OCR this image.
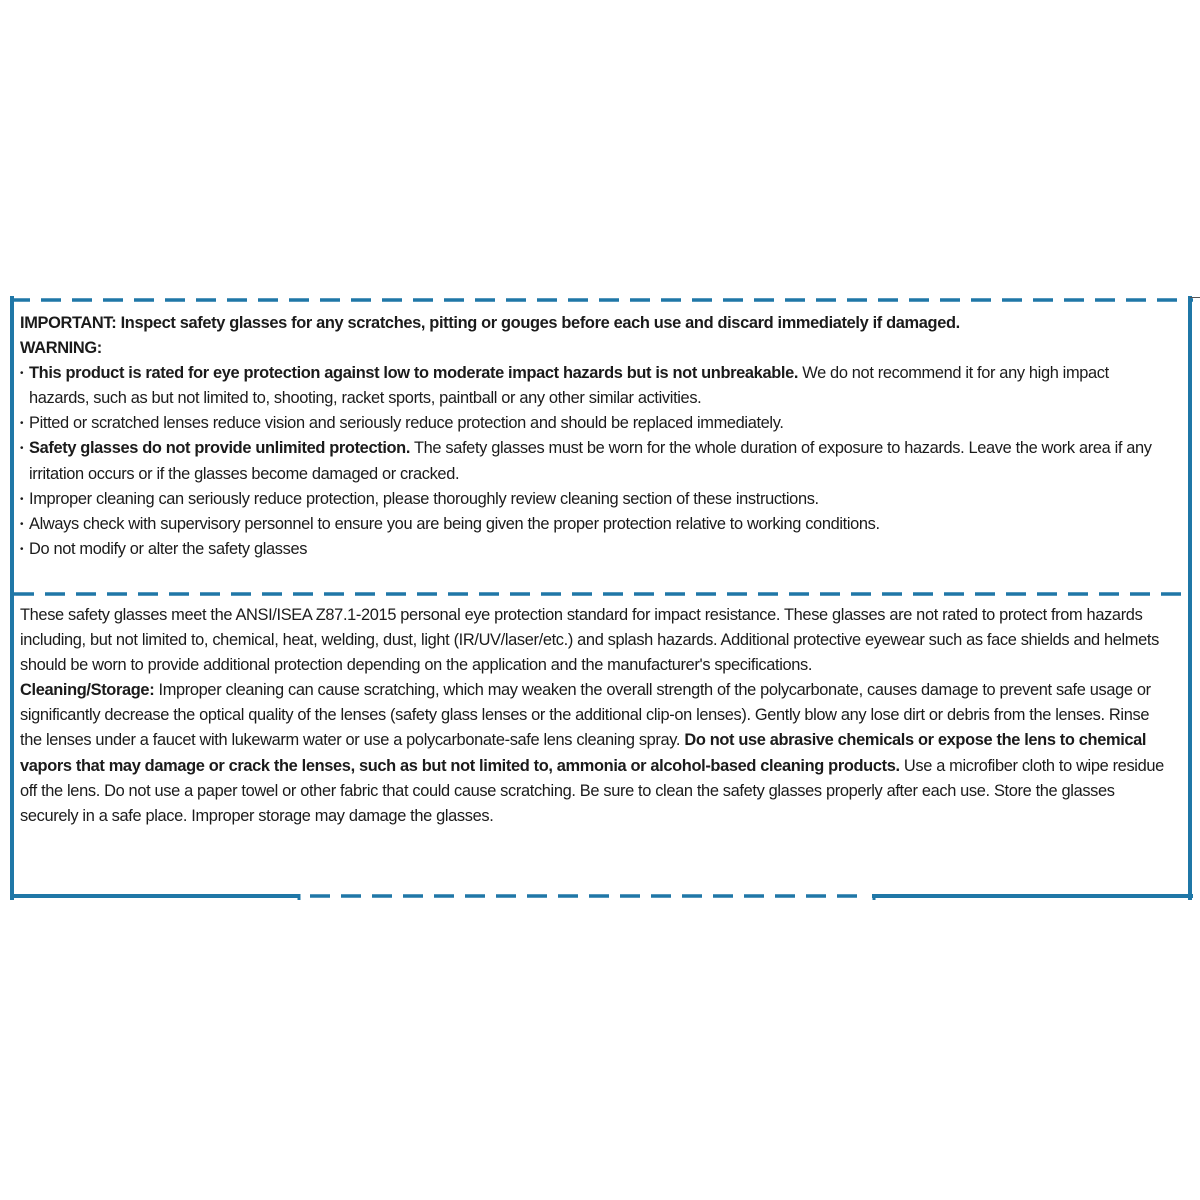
IMPORTANT: Inspect safety glasses for any scratches, pitting or gouges before each use and discard immediately if damaged.
WARNING:
• This product is rated for eye protection against low to moderate impact hazards but is not unbreakable. We do not recommend it for any high impact hazards, such as but not limited to, shooting, racket sports, paintball or any other similar activities.
• Pitted or scratched lenses reduce vision and seriously reduce protection and should be replaced immediately.
• Safety glasses do not provide unlimited protection. The safety glasses must be worn for the whole duration of exposure to hazards. Leave the work area if any irritation occurs or if the glasses become damaged or cracked.
• Improper cleaning can seriously reduce protection, please thoroughly review cleaning section of these instructions.
• Always check with supervisory personnel to ensure you are being given the proper protection relative to working conditions.
• Do not modify or alter the safety glasses
These safety glasses meet the ANSI/ISEA Z87.1-2015 personal eye protection standard for impact resistance. These glasses are not rated to protect from hazards including, but not limited to, chemical, heat, welding, dust, light (IR/UV/laser/etc.) and splash hazards. Additional protective eyewear such as face shields and helmets should be worn to provide additional protection depending on the application and the manufacturer's specifications.
Cleaning/Storage: Improper cleaning can cause scratching, which may weaken the overall strength of the polycarbonate, causes damage to prevent safe usage or significantly decrease the optical quality of the lenses (safety glass lenses or the additional clip-on lenses). Gently blow any lose dirt or debris from the lenses. Rinse the lenses under a faucet with lukewarm water or use a polycarbonate-safe lens cleaning spray. Do not use abrasive chemicals or expose the lens to chemical vapors that may damage or crack the lenses, such as but not limited to, ammonia or alcohol-based cleaning products. Use a microfiber cloth to wipe residue off the lens. Do not use a paper towel or other fabric that could cause scratching. Be sure to clean the safety glasses properly after each use. Store the glasses securely in a safe place. Improper storage may damage the glasses.
